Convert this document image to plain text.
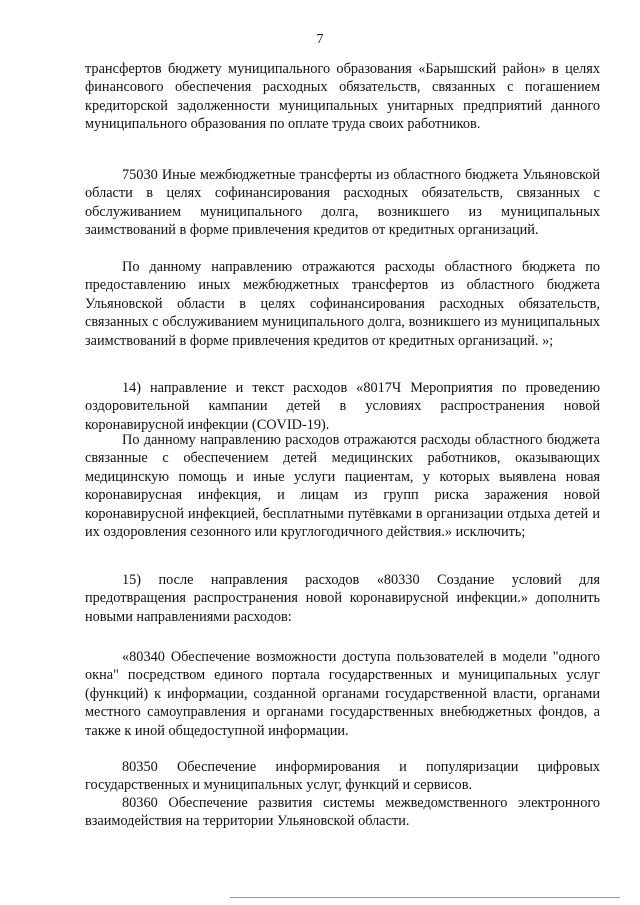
7

трансфертов бюджету муниципального образования «Барышский район» в целях финансового обеспечения расходных обязательств, связанных с погашением кредиторской задолженности муниципальных унитарных предприятий данного муниципального образования по оплате труда своих работников.

75030 Иные межбюджетные трансферты из областного бюджета Ульяновской области в целях софинансирования расходных обязательств, связанных с обслуживанием муниципального долга, возникшего из муниципальных заимствований в форме привлечения кредитов от кредитных организаций.

По данному направлению отражаются расходы областного бюджета по предоставлению иных межбюджетных трансфертов из областного бюджета Ульяновской области в целях софинансирования расходных обязательств, связанных с обслуживанием муниципального долга, возникшего из муниципальных заимствований в форме привлечения кредитов от кредитных организаций. »;

14) направление и текст расходов «8017Ч Мероприятия по проведению оздоровительной кампании детей в условиях распространения новой коронавирусной инфекции (COVID-19).

По данному направлению расходов отражаются расходы областного бюджета связанные с обеспечением детей медицинских работников, оказывающих медицинскую помощь и иные услуги пациентам, у которых выявлена новая коронавирусная инфекция, и лицам из групп риска заражения новой коронавирусной инфекцией, бесплатными путёвками в организации отдыха детей и их оздоровления сезонного или круглогодичного действия.» исключить;

15) после направления расходов «80330 Создание условий для предотвращения распространения новой коронавирусной инфекции.» дополнить новыми направлениями расходов:

«80340 Обеспечение возможности доступа пользователей в модели "одного окна" посредством единого портала государственных и муниципальных услуг (функций) к информации, созданной органами государственной власти, органами местного самоуправления и органами государственных внебюджетных фондов, а также к иной общедоступной информации.

80350 Обеспечение информирования и популяризации цифровых государственных и муниципальных услуг, функций и сервисов.

80360 Обеспечение развития системы межведомственного электронного взаимодействия на территории Ульяновской области.
